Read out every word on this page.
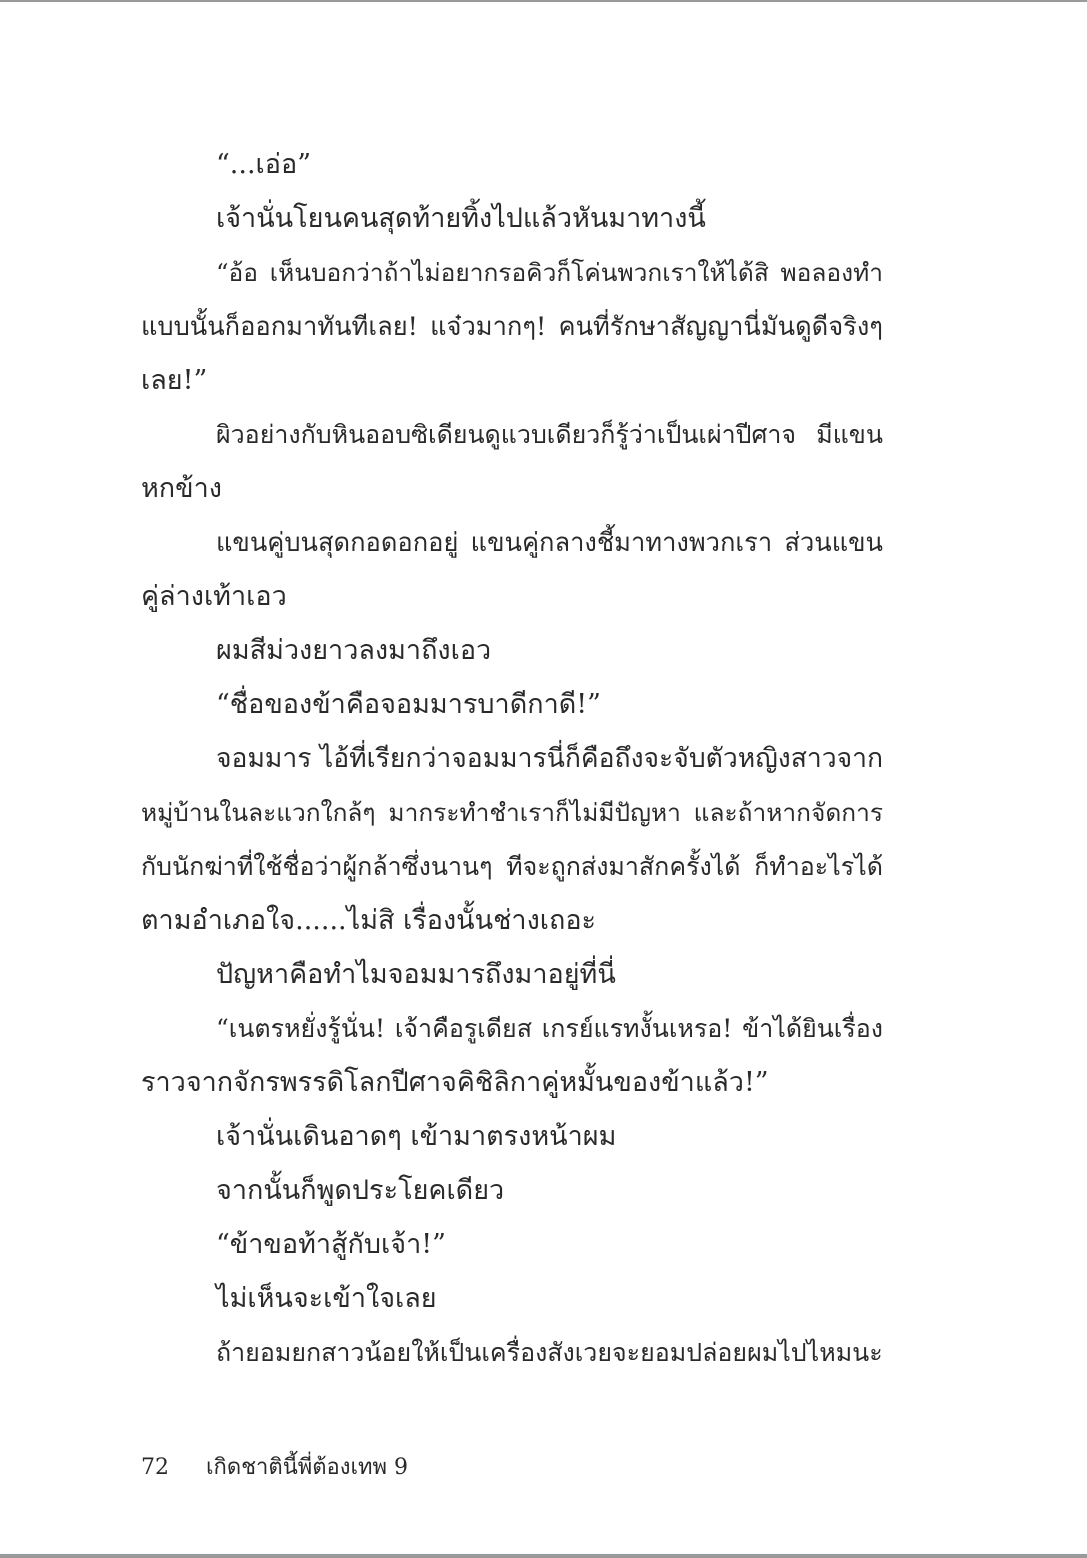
“...เอ่อ”
เจ้านั่นโยนคนสุดท้ายทิ้งไปแล้วหันมาทางนี้
“อ้อ เห็นบอกว่าถ้าไม่อยากรอคิวก็โค่นพวกเราให้ได้สิ พอลองทำ
แบบนั้นก็ออกมาทันทีเลย! แจ๋วมากๆ! คนที่รักษาสัญญานี่มันดูดีจริงๆ
เลย!”
ผิวอย่างกับหินออบซิเดียนดูแวบเดียวก็รู้ว่าเป็นเผ่าปีศาจ มีแขน
หกข้าง
แขนคู่บนสุดกอดอกอยู่ แขนคู่กลางชี้มาทางพวกเรา ส่วนแขน
คู่ล่างเท้าเอว
ผมสีม่วงยาวลงมาถึงเอว
“ชื่อของข้าคือจอมมารบาดีกาดี!”
จอมมาร ไอ้ที่เรียกว่าจอมมารนี่ก็คือถึงจะจับตัวหญิงสาวจาก
หมู่บ้านในละแวกใกล้ๆ มากระทำชำเราก็ไม่มีปัญหา และถ้าหากจัดการ
กับนักฆ่าที่ใช้ชื่อว่าผู้กล้าซึ่งนานๆ ทีจะถูกส่งมาสักครั้งได้ ก็ทำอะไรได้
ตามอำเภอใจ......ไม่สิ เรื่องนั้นช่างเถอะ
ปัญหาคือทำไมจอมมารถึงมาอยู่ที่นี่
“เนตรหยั่งรู้นั่น! เจ้าคือรูเดียส เกรย์แรทงั้นเหรอ! ข้าได้ยินเรื่อง
ราวจากจักรพรรดิโลกปีศาจคิชิลิกาคู่หมั้นของข้าแล้ว!”
เจ้านั่นเดินอาดๆ เข้ามาตรงหน้าผม
จากนั้นก็พูดประโยคเดียว
“ข้าขอท้าสู้กับเจ้า!”
ไม่เห็นจะเข้าใจเลย
ถ้ายอมยกสาวน้อยให้เป็นเครื่องสังเวยจะยอมปล่อยผมไปไหมนะ
72 เกิดชาตินี้พี่ต้องเทพ 9
